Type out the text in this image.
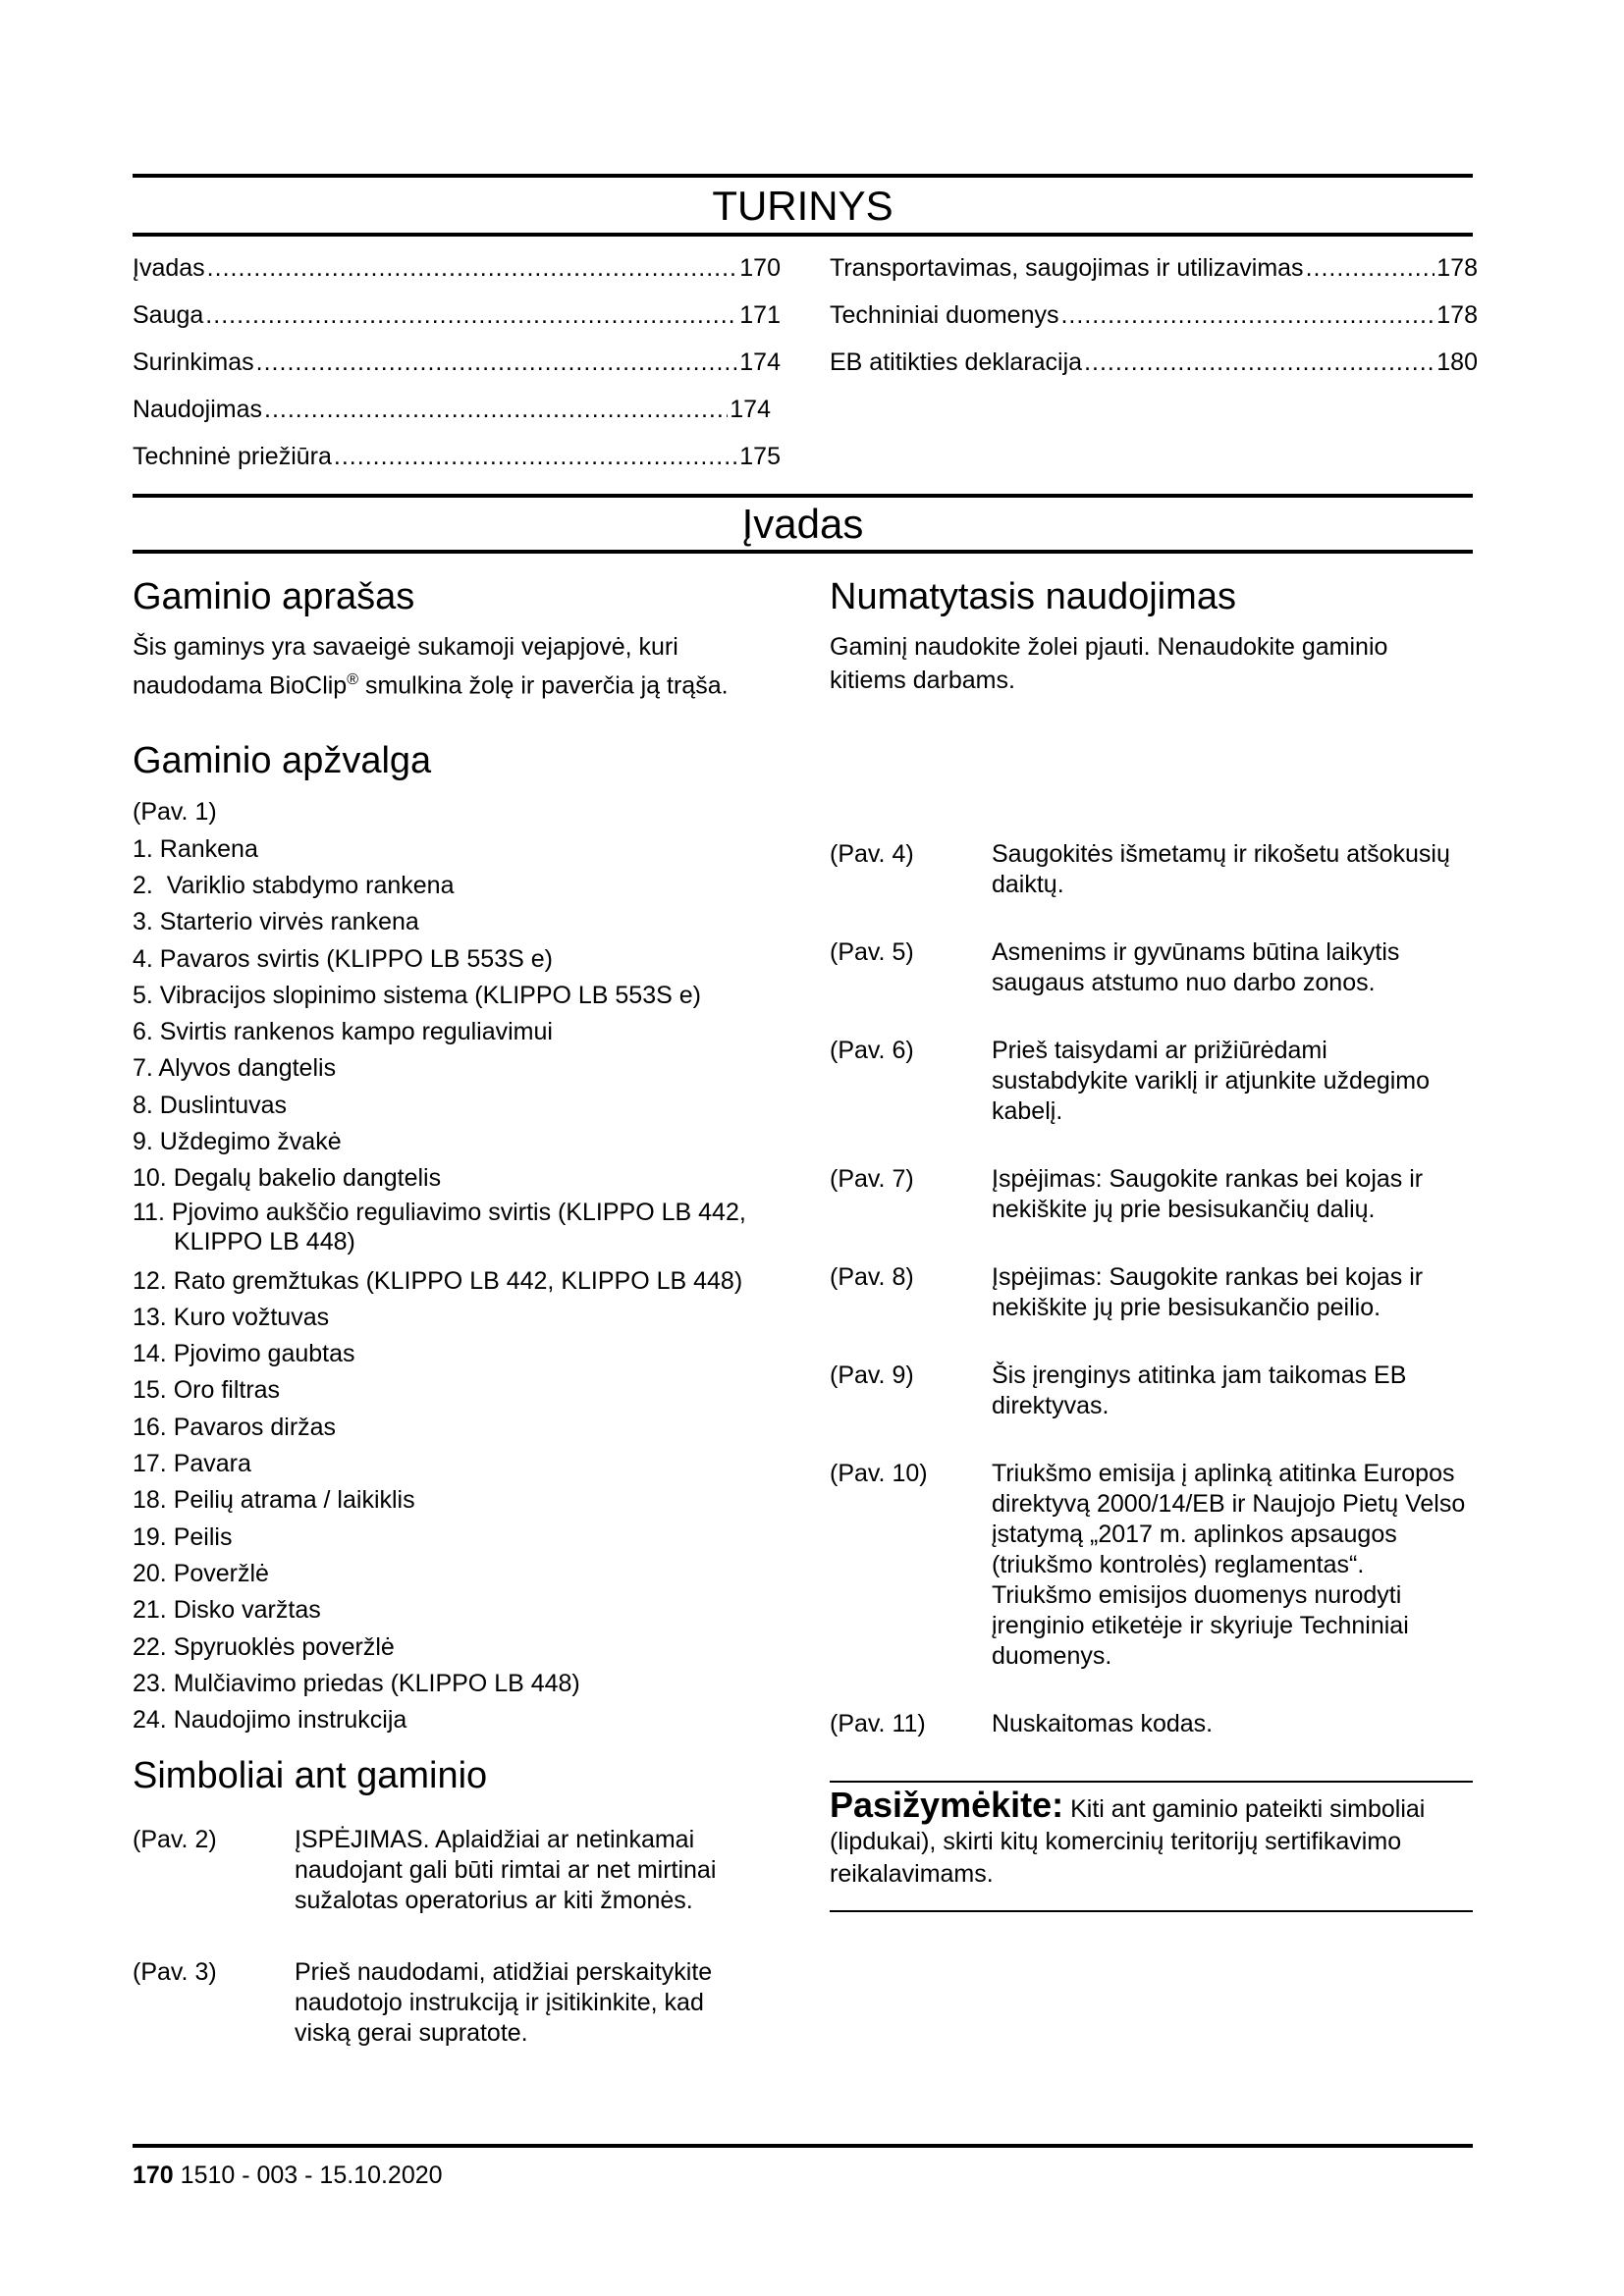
TURINYS
Įvadas .....	170
Sauga .....	171
Surinkimas .....	174
Naudojimas .....	174
Techninė priežiūra .....	175
Transportavimas, saugojimas ir utilizavimas .....	178
Techniniai duomenys .....	178
EB atitikties deklaracija .....	180
Įvadas
Gaminio aprašas

Šis gaminys yra savaeigė sukamoji vejapjovė, kuri naudodama BioClip® smulkina žolę ir paverčia ją trąša.

Gaminio apžvalga
(Pav. 1)
1. Rankena
2.  Variklio stabdymo rankena
3. Starterio virvės rankena
4. Pavaros svirtis (KLIPPO LB 553S e)
5. Vibracijos slopinimo sistema (KLIPPO LB 553S e)
6. Svirtis rankenos kampo reguliavimui
7. Alyvos dangtelis
8. Duslintuvas
9. Uždegimo žvakė
10. Degalų bakelio dangtelis
11. Pjovimo aukščio reguliavimo svirtis (KLIPPO LB 442,
KLIPPO LB 448)
12. Rato gremžtukas (KLIPPO LB 442, KLIPPO LB 448)
13. Kuro vožtuvas
14. Pjovimo gaubtas
15. Oro filtras
16. Pavaros diržas
17. Pavara
18. Peilių atrama / laikiklis
19. Peilis
20. Poveržlė
21. Disko varžtas
22. Spyruoklės poveržlė
23. Mulčiavimo priedas (KLIPPO LB 448)
24. Naudojimo instrukcija
Simboliai ant gaminio
(Pav. 2)	ĮSPĖJIMAS. Aplaidžiai ar netinkamai naudojant gali būti rimtai ar net mirtinai sužalotas operatorius ar kiti žmonės.
(Pav. 3)	Prieš naudodami, atidžiai perskaitykite naudotojo instrukciją ir įsitikinkite, kad viską gerai supratote.
Numatytasis naudojimas

Gaminį naudokite žolei pjauti. Nenaudokite gaminio kitiems darbams.

(Pav. 4)	Saugokitės išmetamų ir rikošetu atšokusių daiktų.
(Pav. 5)	Asmenims ir gyvūnams būtina laikytis saugaus atstumo nuo darbo zonos.
(Pav. 6)	Prieš taisydami ar prižiūrėdami sustabdykite variklį ir atjunkite uždegimo kabelį.
(Pav. 7)	Įspėjimas: Saugokite rankas bei kojas ir nekiškite jų prie besisukančių dalių.
(Pav. 8)	Įspėjimas: Saugokite rankas bei kojas ir nekiškite jų prie besisukančio peilio.
(Pav. 9)	Šis įrenginys atitinka jam taikomas EB direktyvas.
(Pav. 10)	Triukšmo emisija į aplinką atitinka Europos direktyvą 2000/14/EB ir Naujojo Pietų Velso įstatymą „2017 m. aplinkos apsaugos (triukšmo kontrolės) reglamentas“. Triukšmo emisijos duomenys nurodyti įrenginio etiketėje ir skyriuje Techniniai duomenys.
(Pav. 11)	Nuskaitomas kodas.

Pasižymėkite: Kiti ant gaminio pateikti simboliai (lipdukai), skirti kitų komercinių teritorijų sertifikavimo reikalavimams.

170 1510 - 003 - 15.10.2020
